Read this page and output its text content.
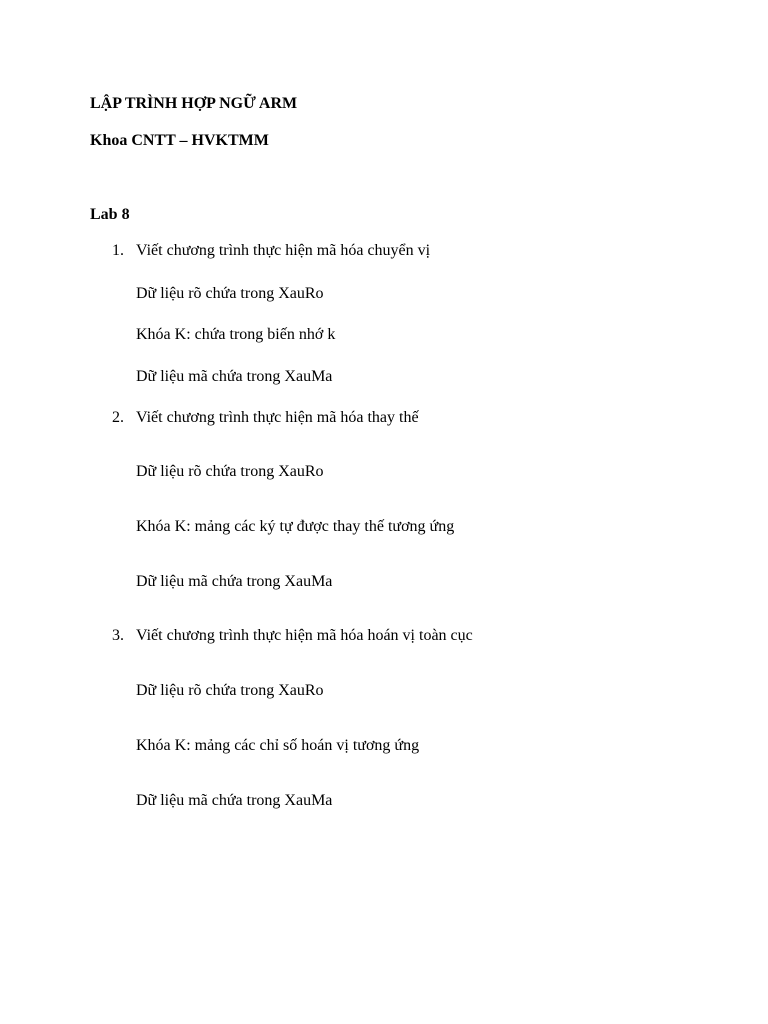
LẬP TRÌNH HỢP NGỮ ARM
Khoa CNTT – HVKTMM
Lab 8
1. Viết chương trình thực hiện mã hóa chuyển vị
Dữ liệu rõ chứa trong XauRo
Khóa K: chứa trong biến nhớ k
Dữ liệu mã chứa trong XauMa
2. Viết chương trình thực hiện mã hóa thay thế
Dữ liệu rõ chứa trong XauRo
Khóa K: mảng các ký tự được thay thế tương ứng
Dữ liệu mã chứa trong XauMa
3. Viết chương trình thực hiện mã hóa hoán vị toàn cục
Dữ liệu rõ chứa trong XauRo
Khóa K: mảng các chỉ số hoán vị tương ứng
Dữ liệu mã chứa trong XauMa
